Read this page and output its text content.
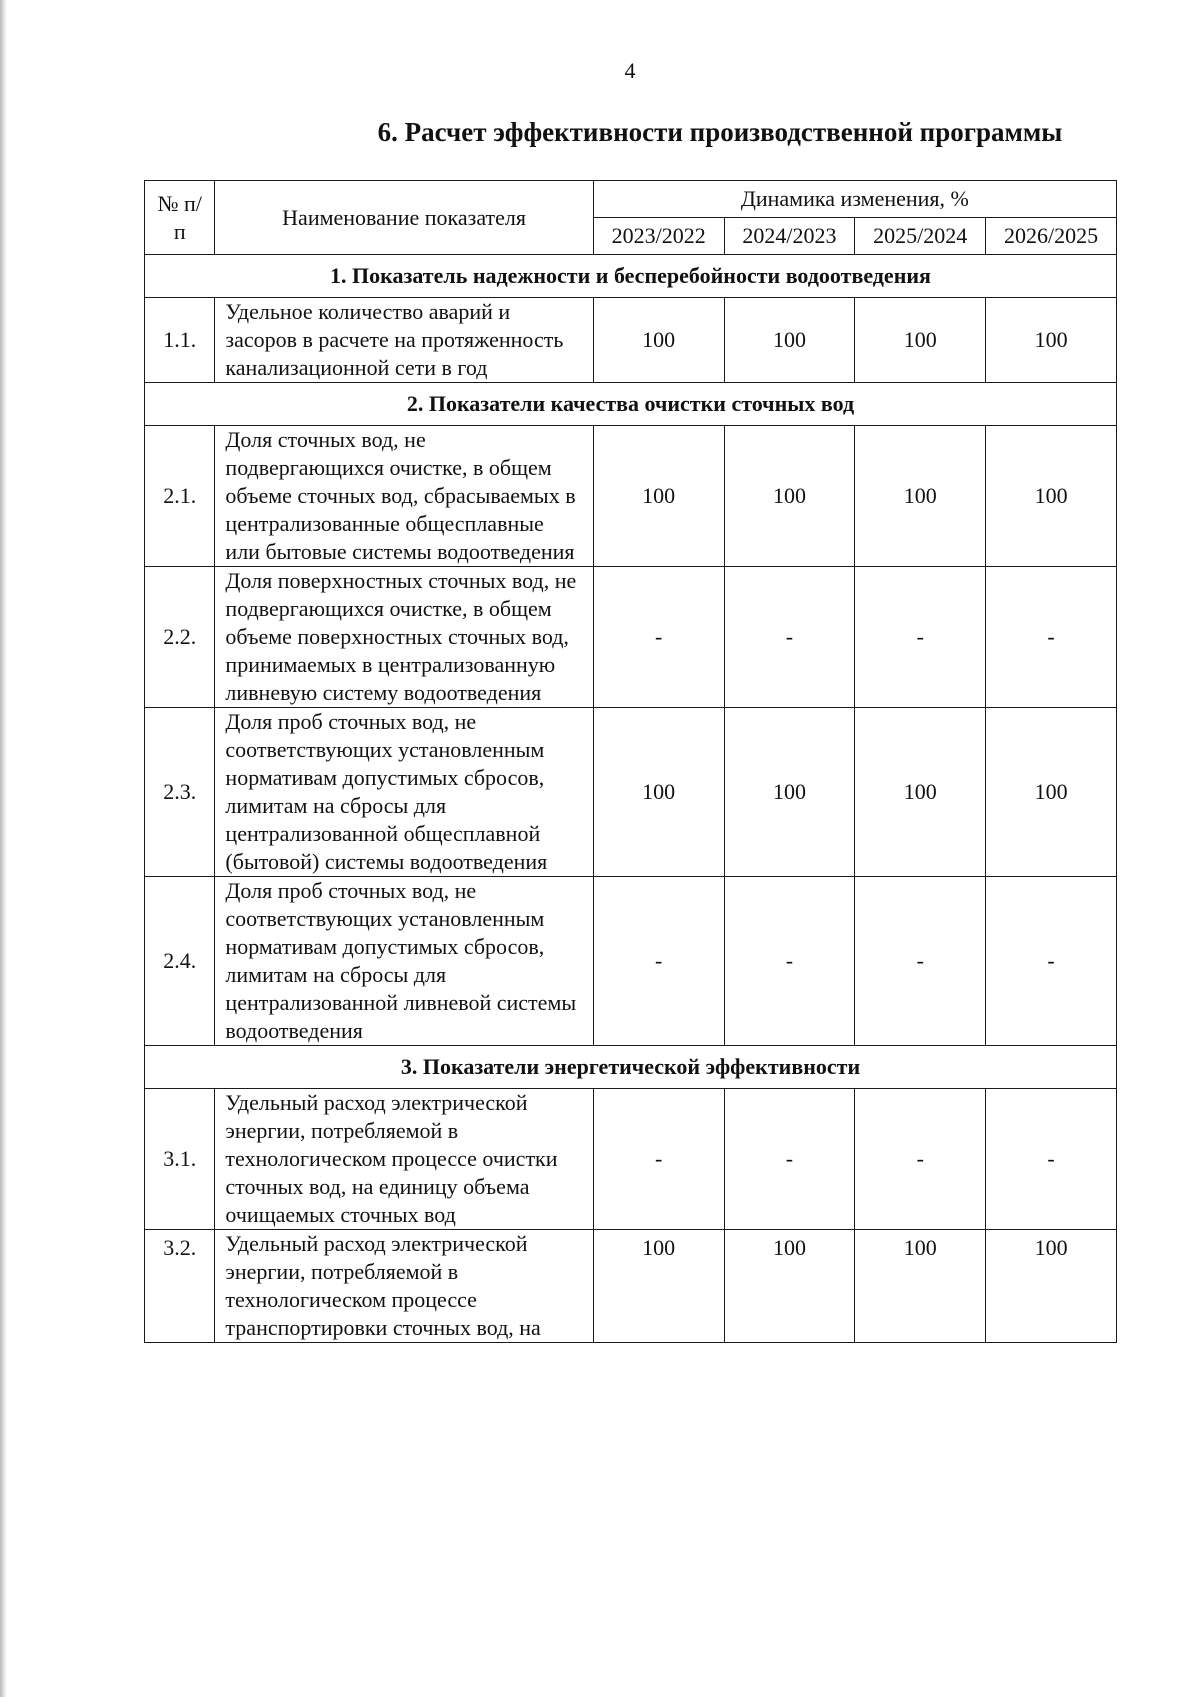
4
6. Расчет эффективности производственной программы
№ п/п	Наименование показателя	Динамика изменения, %			
		2023/2022	2024/2023	2025/2024	2026/2025
1. Показатель надежности и бесперебойности водоотведения					
1.1.	Удельное количество аварий и засоров в расчете на протяженность канализационной сети в год	100	100	100	100
2. Показатели качества очистки сточных вод					
2.1.	Доля сточных вод, не подвергающихся очистке, в общем объеме сточных вод, сбрасываемых в централизованные общесплавные или бытовые системы водоотведения	100	100	100	100
2.2.	Доля поверхностных сточных вод, не подвергающихся очистке, в общем объеме поверхностных сточных вод, принимаемых в централизованную ливневую систему водоотведения	-	-	-	-
2.3.	Доля проб сточных вод, не соответствующих установленным нормативам допустимых сбросов, лимитам на сбросы для централизованной общесплавной (бытовой) системы водоотведения	100	100	100	100
2.4.	Доля проб сточных вод, не соответствующих установленным нормативам допустимых сбросов, лимитам на сбросы для централизованной ливневой системы водоотведения	-	-	-	-
3. Показатели энергетической эффективности					
3.1.	Удельный расход электрической энергии, потребляемой в технологическом процессе очистки сточных вод, на единицу объема очищаемых сточных вод	-	-	-	-
3.2.	Удельный расход электрической энергии, потребляемой в технологическом процессе транспортировки сточных вод, на	100	100	100	100
